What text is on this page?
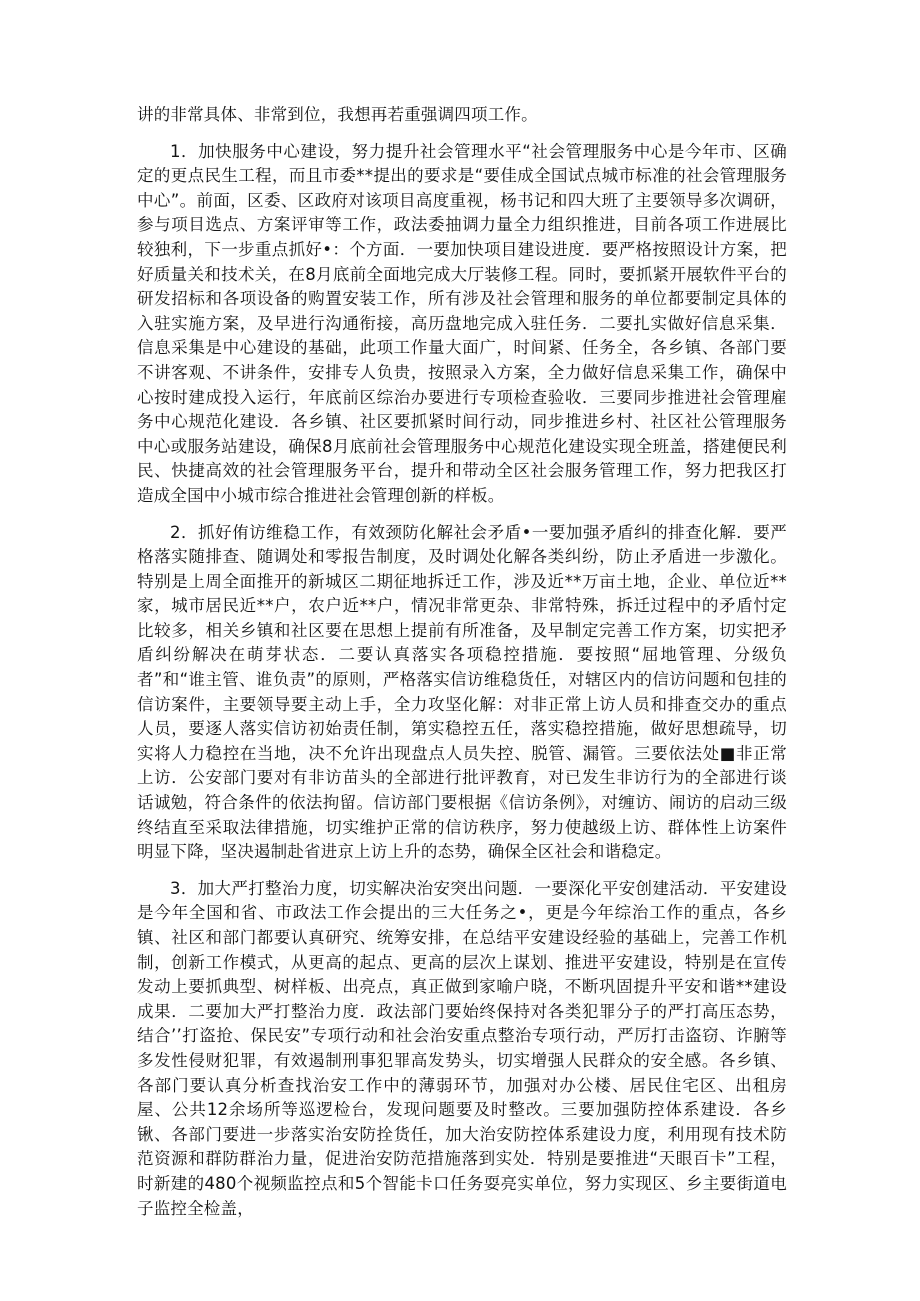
讲的非常具体、非常到位，我想再若重强调四项工作。

1．加快服务中心建设，努力提升社会管理水平“社会管理服务中心是今年市、区确定的更点民生工程，而且市委**提出的要求是“要佳成全国试点城市标准的社会管理服务中心”。前面，区委、区政府对该项目高度重视，杨书记和四大班了主要领导多次调研，参与项目选点、方案评审等工作，政法委抽调力量全力组织推进，目前各项工作进展比较独利，下一步重点抓好•：个方面．一要加快项目建设进度．要严格按照设计方案，把好质量关和技术关，在8月底前全面地完成大厅装修工程。同时，要抓紧开展软件平台的研发招标和各项设备的购置安装工作，所有涉及社会管理和服务的单位都要制定具体的入驻实施方案，及早进行沟通衔接，高历盘地完成入驻任务．二要扎实做好信息采集．信息采集是中心建设的基础，此项工作量大面广，时间紧、任务全，各乡镇、各部门要不讲客观、不讲条件，安排专人负贵，按照录入方案，全力做好信息采集工作，确保中心按时建成投入运行，年底前区综治办要进行专项检查验收．三要同步推进社会管理雇务中心规范化建设．各乡镇、社区要抓紧时间行动，同步推进乡村、社区社公管理服务中心或服务站建设，确保8月底前社会管理服务中心规范化建设实现全班盖，搭建便民利民、快捷高效的社会管理服务平台，提升和带动全区社会服务管理工作，努力把我区打造成全国中小城市综合推进社会管理创新的样板。

2．抓好侑访维稳工作，有效颈防化解社会矛盾•一要加强矛盾纠的排查化解．要严格落实随排查、随调处和零报告制度，及时调处化解各类纠纷，防止矛盾进一步激化。特别是上周全面推开的新城区二期征地拆迁工作，涉及近**万亩土地，企业、单位近**家，城市居民近**户，农户近**户，情况非常更杂、非常特殊，拆迁过程中的矛盾忖定比较多，相关乡镇和社区要在思想上提前有所准备，及早制定完善工作方案，切实把矛盾纠纷解决在萌芽状态．二要认真落实各项稳控措施．要按照“屈地管理、分级负者”和“谁主管、谁负责”的原则，严格落实信访维稳货任，对辖区内的信访问题和包挂的信访案件，主要领导要主动上手，全力攻坚化解：对非正常上访人员和排查交办的重点人员，要逐人落实信访初始责任制，第实稳控五任，落实稳控措施，做好思想疏导，切实将人力稳控在当地，决不允许出现盘点人员失控、脱管、漏管。三要依法处■非正常上访．公安部门要对有非访苗头的全部进行批评教育，对已发生非访行为的全部进行谈话诚勉，符合条件的依法拘留。信访部门要根据《信访条例》，对缠访、闹访的启动三级终结直至采取法律措施，切实维护正常的信访秩序，努力使越级上访、群体性上访案件明显下降，坚决遏制赴省进京上访上升的态势，确保全区社会和谐稳定。

3．加大严打整治力度，切实解决治安突出问题．一要深化平安创建活动．平安建设是今年全国和省、市政法工作会提出的三大任务之•，更是今年综治工作的重点，各乡镇、社区和部门都要认真研究、统筹安排，在总结平安建设经验的基础上，完善工作机制，创新工作模式，从更高的起点、更高的层次上谋划、推进平安建设，特别是在宣传发动上要抓典型、树样板、出亮点，真正做到家喻户晓，不断巩固提升平安和谐**建设成果．二要加大严打整治力度．政法部门要始终保持对各类犯罪分子的严打高压态势，结合’’打盗抢、保民安”专项行动和社会治安重点整治专项行动，严厉打击盗窃、诈腑等多发性侵财犯罪，有效遏制刑事犯罪高发势头，切实增强人民群众的安全感。各乡镇、各部门要认真分析查找治安工作中的薄弱环节，加强对办公楼、居民住宅区、出租房屋、公共12余场所等巡逻检台，发现问题要及时整改。三要加强防控体系建设．各乡锹、各部门要进一步落实治安防拴货任，加大治安防控体系建设力度，利用现有技术防范资源和群防群治力量，促进治安防范措施落到实处．特别是要推进“天眼百卡”工程，时新建的480个视频监控点和5个智能卡口任务耍亮实单位，努力实现区、乡主要街道电子监控全检盖，
